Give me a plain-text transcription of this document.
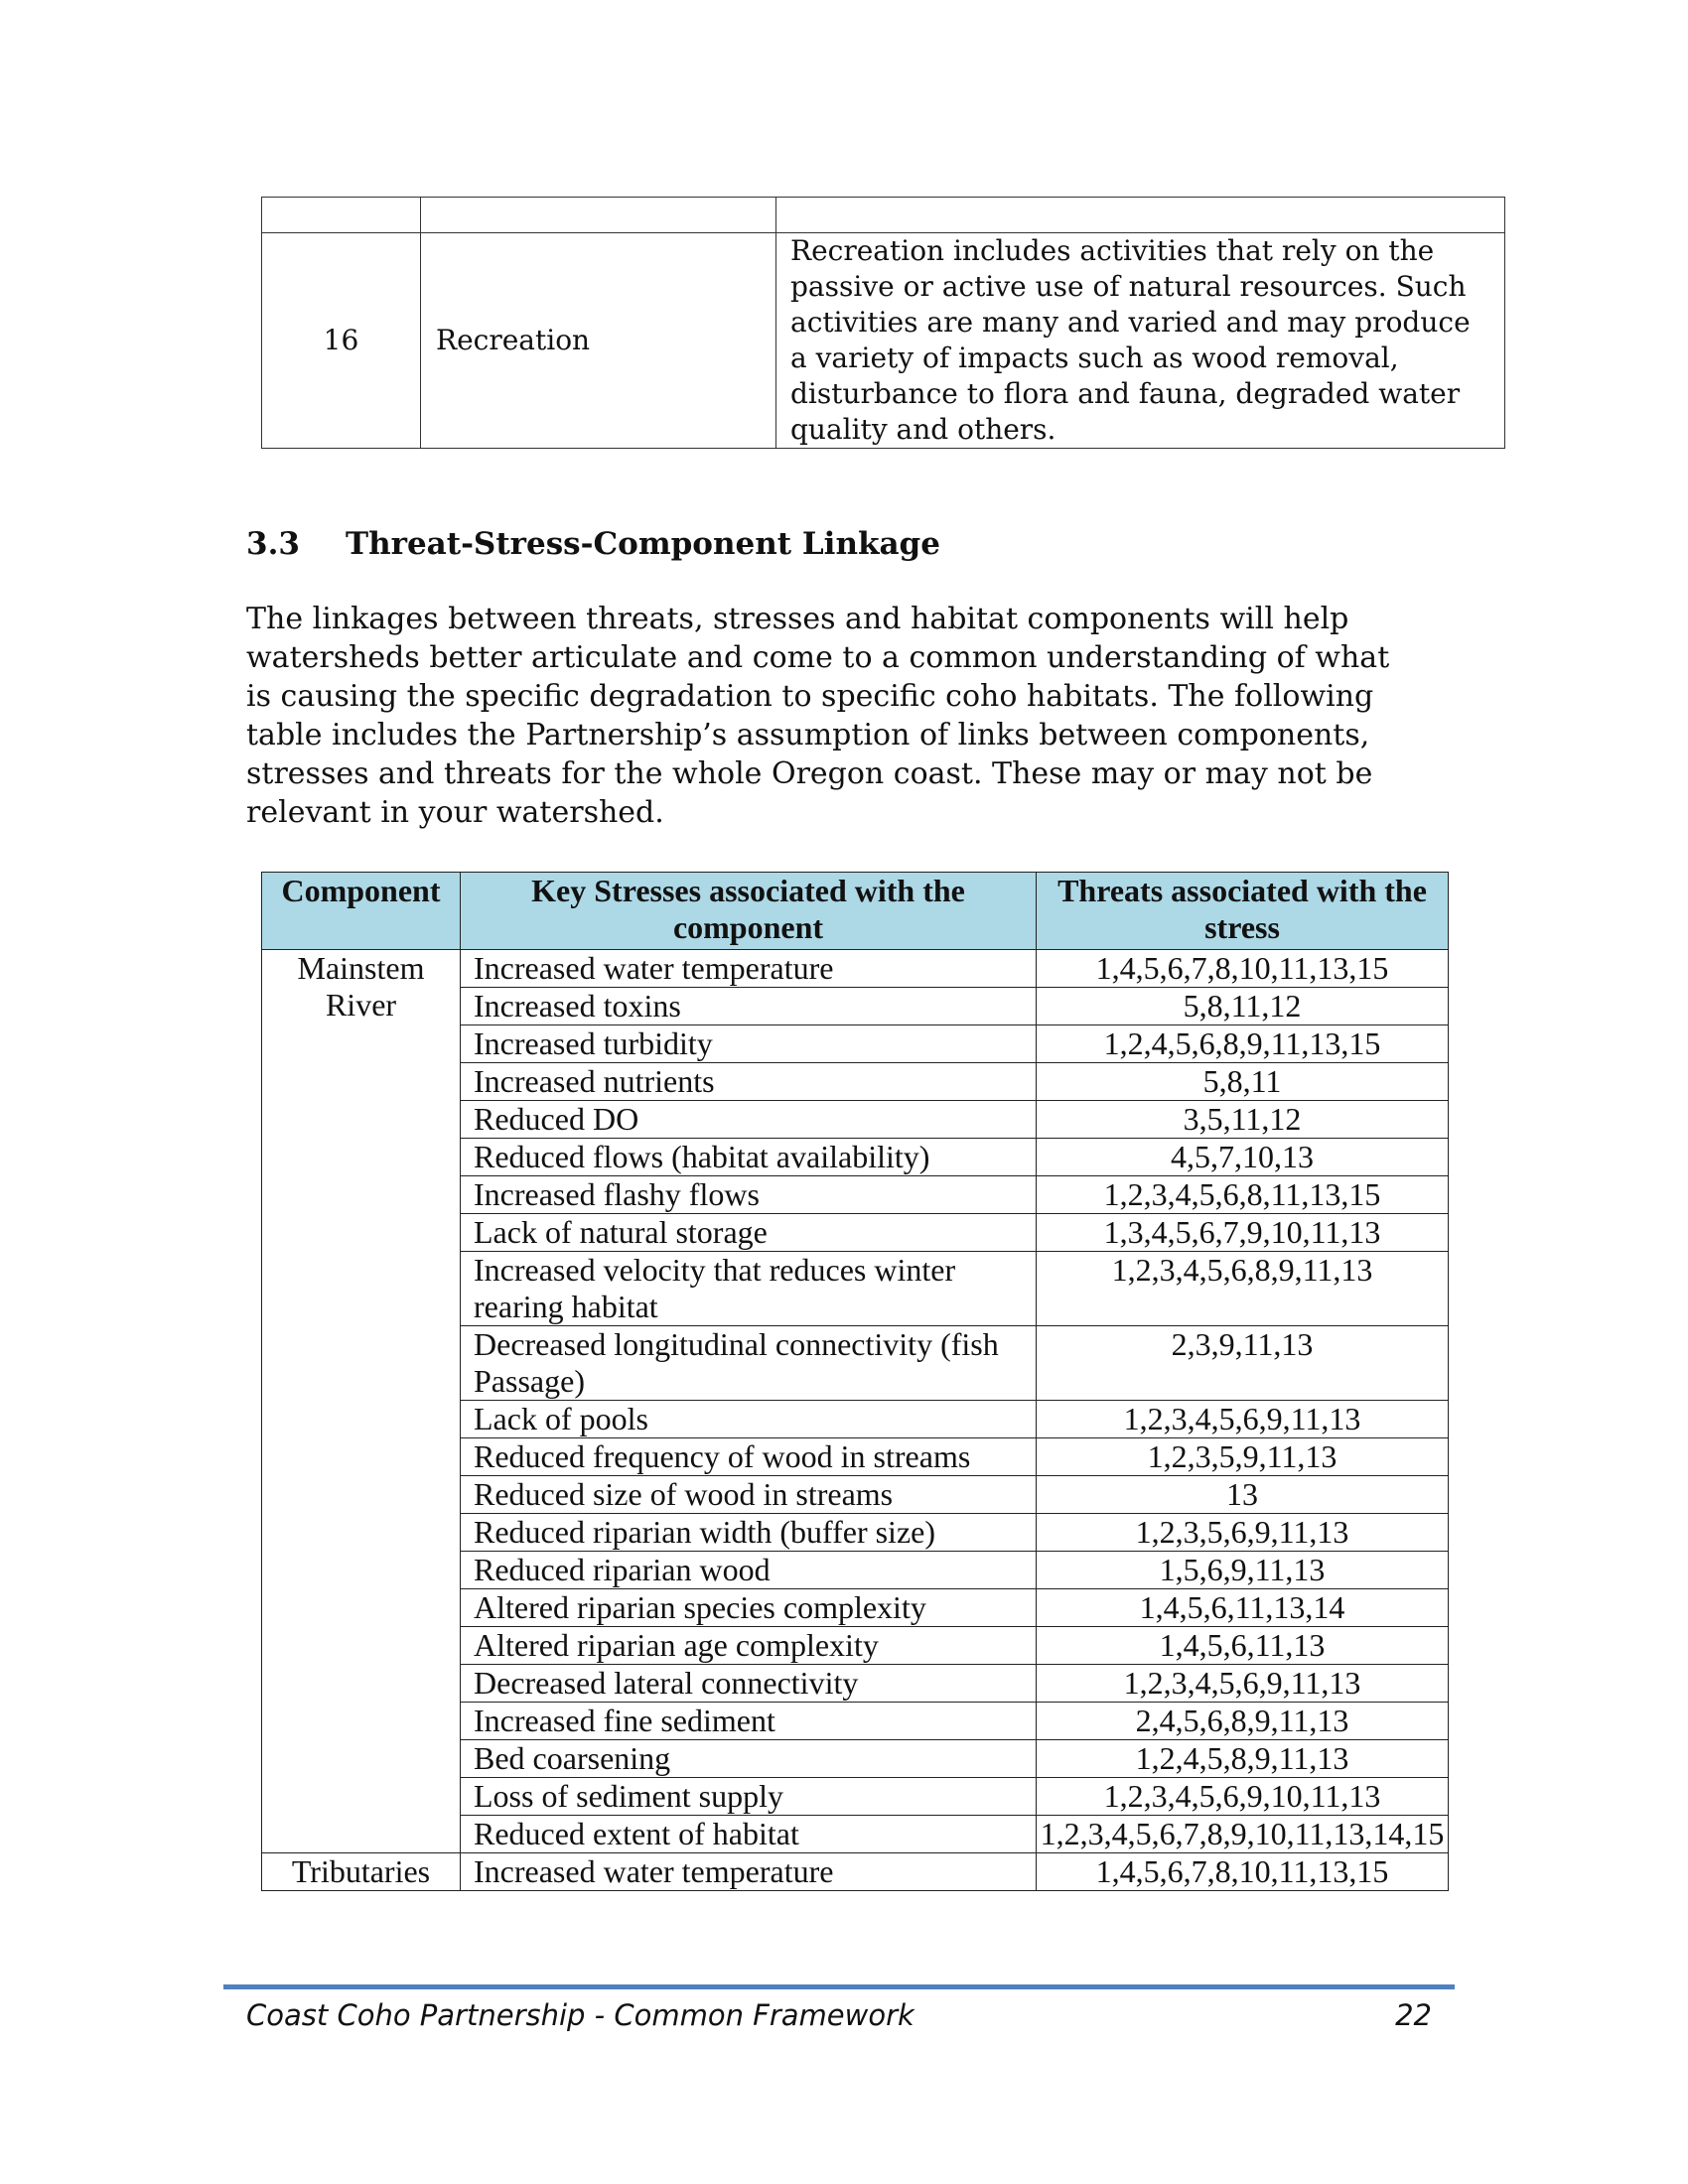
16	Recreation	Recreation includes activities that rely on the passive or active use of natural resources. Such activities are many and varied and may produce a variety of impacts such as wood removal, disturbance to flora and fauna, degraded water quality and others.
3.3 Threat-Stress-Component Linkage

The linkages between threats, stresses and habitat components will help watersheds better articulate and come to a common understanding of what is causing the specific degradation to specific coho habitats. The following table includes the Partnership’s assumption of links between components, stresses and threats for the whole Oregon coast. These may or may not be relevant in your watershed.

Component	Key Stresses associated with the component	Threats associated with the stress
Mainstem River	Increased water temperature	1,4,5,6,7,8,10,11,13,15
	Increased toxins	5,8,11,12
	Increased turbidity	1,2,4,5,6,8,9,11,13,15
	Increased nutrients	5,8,11
	Reduced DO	3,5,11,12
	Reduced flows (habitat availability)	4,5,7,10,13
	Increased flashy flows	1,2,3,4,5,6,8,11,13,15
	Lack of natural storage	1,3,4,5,6,7,9,10,11,13
	Increased velocity that reduces winter rearing habitat	1,2,3,4,5,6,8,9,11,13
	Decreased longitudinal connectivity (fish Passage)	2,3,9,11,13
	Lack of pools	1,2,3,4,5,6,9,11,13
	Reduced frequency of wood in streams	1,2,3,5,9,11,13
	Reduced size of wood in streams	13
	Reduced riparian width (buffer size)	1,2,3,5,6,9,11,13
	Reduced riparian wood	1,5,6,9,11,13
	Altered riparian species complexity	1,4,5,6,11,13,14
	Altered riparian age complexity	1,4,5,6,11,13
	Decreased lateral connectivity	1,2,3,4,5,6,9,11,13
	Increased fine sediment	2,4,5,6,8,9,11,13
	Bed coarsening	1,2,4,5,8,9,11,13
	Loss of sediment supply	1,2,3,4,5,6,9,10,11,13
	Reduced extent of habitat	1,2,3,4,5,6,7,8,9,10,11,13,14,15
Tributaries	Increased water temperature	1,4,5,6,7,8,10,11,13,15
Coast Coho Partnership - Common Framework	22
